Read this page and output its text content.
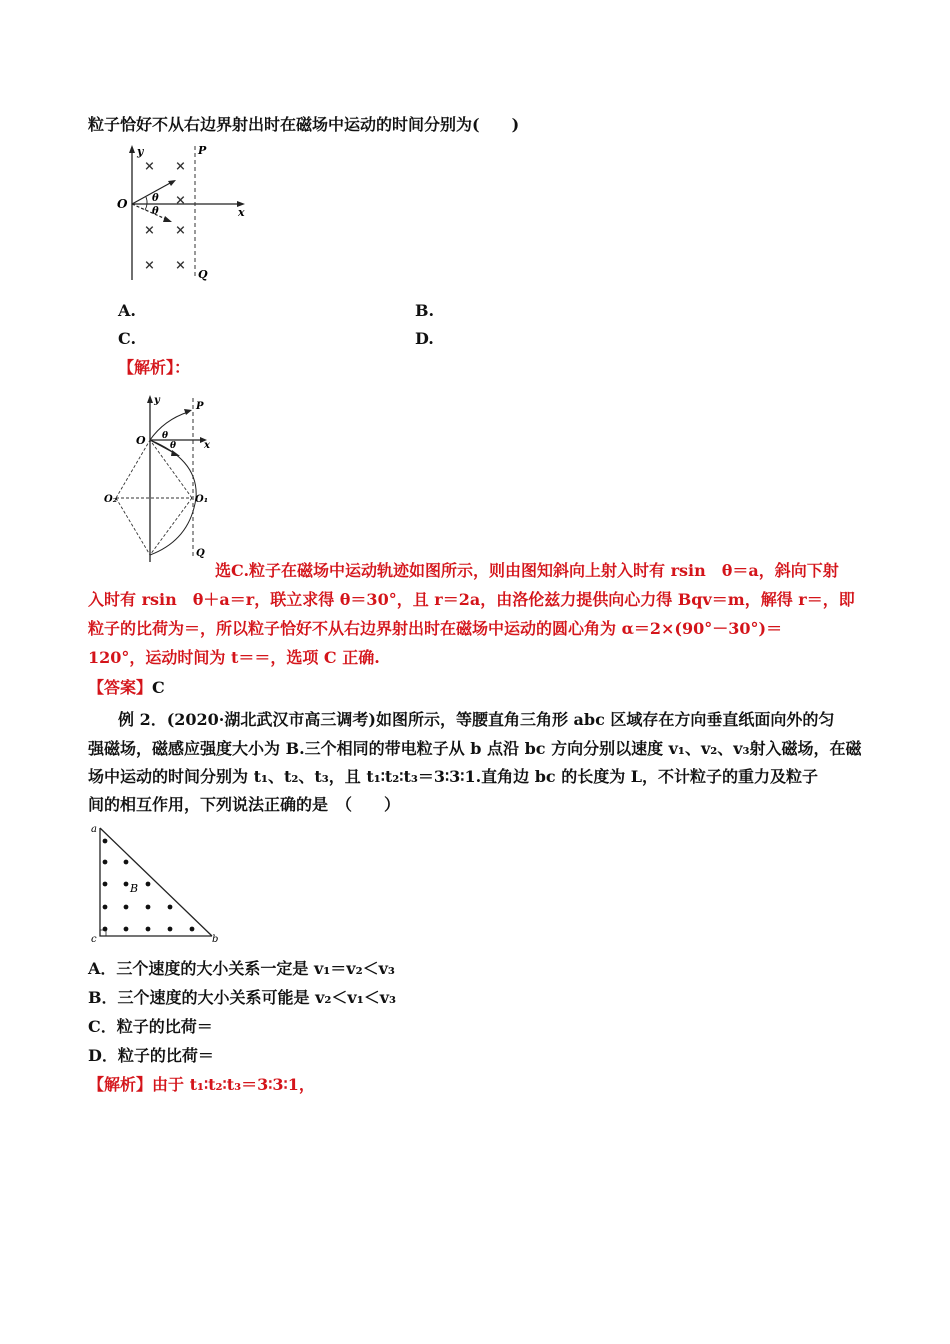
粒子恰好不从右边界射出时在磁场中运动的时间分别为(　　)
y
x
O
P
Q
θ
θ
× ×
×
× ×
× ×
A.	B.
C.	D.
【解析】：
y
x
O
P
Q
θ
θ
O₁
O₂
选C.粒子在磁场中运动轨迹如图所示，则由图知斜向上射入时有 rsin　θ＝a，斜向下射
入时有 rsin　θ＋a＝r，联立求得 θ＝30°，且 r＝2a，由洛伦兹力提供向心力得 Bqv＝m，解得 r＝，即
粒子的比荷为＝，所以粒子恰好不从右边界射出时在磁场中运动的圆心角为 α＝2×(90°－30°)＝
120°，运动时间为 t＝＝，选项 C 正确.
【答案】C
例 2．(2020·湖北武汉市高三调考)如图所示，等腰直角三角形 abc 区域存在方向垂直纸面向外的匀
强磁场，磁感应强度大小为 B.三个相同的带电粒子从 b 点沿 bc 方向分别以速度 v₁、v₂、v₃射入磁场，在磁
场中运动的时间分别为 t₁、t₂、t₃，且 t₁∶t₂∶t₃＝3∶3∶1.直角边 bc 的长度为 L，不计粒子的重力及粒子
间的相互作用，下列说法正确的是　（　　）
a
b
c
B
A．三个速度的大小关系一定是 v₁＝v₂＜v₃
B．三个速度的大小关系可能是 v₂＜v₁＜v₃
C．粒子的比荷＝
D．粒子的比荷＝
【解析】由于 t₁∶t₂∶t₃＝3∶3∶1，
